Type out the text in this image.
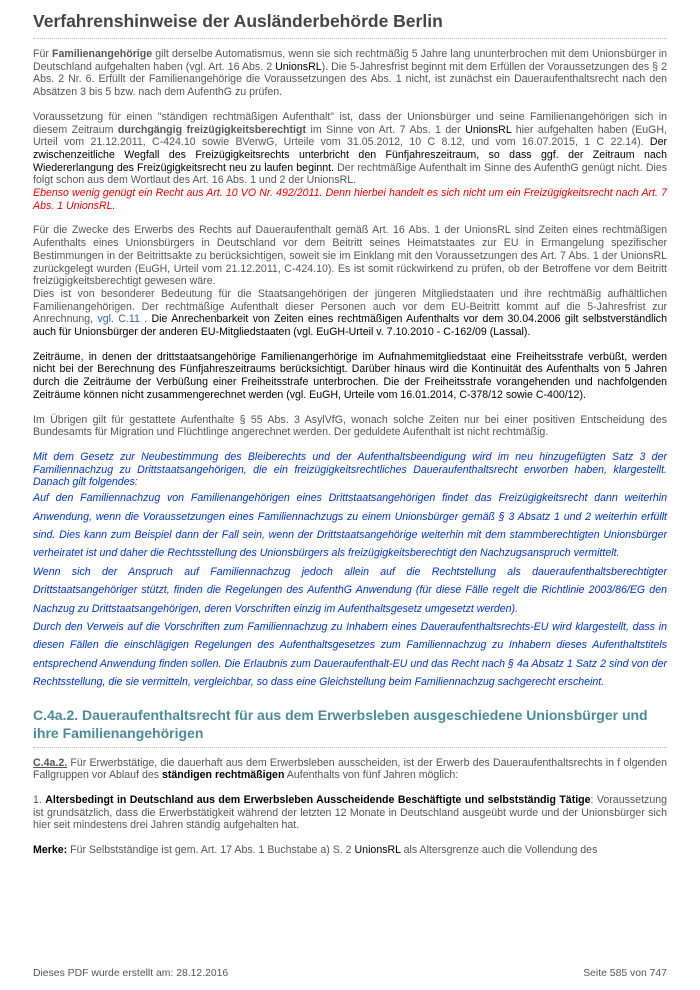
Verfahrenshinweise der Ausländerbehörde Berlin

Für Familienangehörige gilt derselbe Automatismus, wenn sie sich rechtmäßig 5 Jahre lang ununterbrochen mit dem Unionsbürger in Deutschland aufgehalten haben (vgl. Art. 16 Abs. 2 UnionsRL). Die 5-Jahresfrist beginnt mit dem Erfüllen der Voraussetzungen des § 2 Abs. 2 Nr. 6. Erfüllt der Familienangehörige die Voraussetzungen des Abs. 1 nicht, ist zunächst ein Daueraufenthaltsrecht nach den Absätzen 3 bis 5 bzw. nach dem AufenthG zu prüfen.

Voraussetzung für einen "ständigen rechtmäßigen Aufenthalt" ist, dass der Unionsbürger und seine Familienangehörigen sich in diesem Zeitraum durchgängig freizügigkeitsberechtigt im Sinne von Art. 7 Abs. 1 der UnionsRL hier aufgehalten haben (EuGH, Urteil vom 21.12.2011, C-424.10 sowie BVerwG, Urteile vom 31.05.2012, 10 C 8.12, und vom 16.07.2015, 1 C 22.14). Der zwischenzeitliche Wegfall des Freizügigkeitsrechts unterbricht den Fünfjahreszeitraum, so dass ggf. der Zeitraum nach Wiedererlangung des Freizügigkeitsrecht neu zu laufen beginnt. Der rechtmäßige Aufenthalt im Sinne des AufenthG genügt nicht. Dies folgt schon aus dem Wortlaut des Art. 16 Abs. 1 und 2 der UnionsRL.

Ebenso wenig genügt ein Recht aus Art. 10 VO Nr. 492/2011. Denn hierbei handelt es sich nicht um ein Freizügigkeitsrecht nach Art. 7 Abs. 1 UnionsRL.

Für die Zwecke des Erwerbs des Rechts auf Daueraufenthalt gemäß Art. 16 Abs. 1 der UnionsRL sind Zeiten eines rechtmäßigen Aufenthalts eines Unionsbürgers in Deutschland vor dem Beitritt seines Heimatstaates zur EU in Ermangelung spezifischer Bestimmungen in der Beitrittsakte zu berücksichtigen, soweit sie im Einklang mit den Voraussetzungen des Art. 7 Abs. 1 der UnionsRL zurückgelegt wurden (EuGH, Urteil vom 21.12.2011, C-424.10). Es ist somit rückwirkend zu prüfen, ob der Betroffene vor dem Beitritt freizügigkeitsberechtigt gewesen wäre.

Dies ist von besonderer Bedeutung für die Staatsangehörigen der jüngeren Mitgliedstaaten und ihre rechtmäßig aufhältlichen Familienangehörigen. Der rechtmäßige Aufenthalt dieser Personen auch vor dem EU-Beitritt kommt auf die 5-Jahresfrist zur Anrechnung, vgl. C.11 . Die Anrechenbarkeit von Zeiten eines rechtmäßigen Aufenthalts vor dem 30.04.2006 gilt selbstverständlich auch für Unionsbürger der anderen EU-Mitgliedstaaten (vgl. EuGH-Urteil v. 7.10.2010 - C-162/09 (Lassal).

Zeiträume, in denen der drittstaatsangehörige Familienangerhörige im Aufnahmemitgliedstaat eine Freiheitsstrafe verbüßt, werden nicht bei der Berechnung des Fünfjahreszeitraums berücksichtigt. Darüber hinaus wird die Kontinuität des Aufenthalts von 5 Jahren durch die Zeiträume der Verbüßung einer Freiheitsstrafe unterbrochen. Die der Freiheitsstrafe vorangehenden und nachfolgenden Zeiträume können nicht zusammengerechnet werden (vgl. EuGH, Urteile vom 16.01.2014, C-378/12 sowie C-400/12).

Im Übrigen gilt für gestattete Aufenthalte § 55 Abs. 3 AsylVfG, wonach solche Zeiten nur bei einer positiven Entscheidung des Bundesamts für Migration und Flüchtlinge angerechnet werden. Der geduldete Aufenthalt ist nicht rechtmäßig.

Mit dem Gesetz zur Neubestimmung des Bleiberechts und der Aufenthaltsbeendigung wird im neu hinzugefügten Satz 3 der Familiennachzug zu Drittstaatsangehörigen, die ein freizügigkeitsrechtliches Daueraufenthaltsrecht erworben haben, klargestellt. Danach gilt folgendes:

Auf den Familiennachzug von Familienangehörigen eines Drittstaatsangehörigen findet das Freizügigkeitsrecht dann weiterhin Anwendung, wenn die Voraussetzungen eines Familiennachzugs zu einem Unionsbürger gemäß § 3 Absatz 1 und 2 weiterhin erfüllt sind. Dies kann zum Beispiel dann der Fall sein, wenn der Drittstaatsangehörige weiterhin mit dem stammberechtigten Unionsbürger verheiratet ist und daher die Rechtsstellung des Unionsbürgers als freizügigkeitsberechtigt den Nachzugsanspruch vermittelt.

Wenn sich der Anspruch auf Familiennachzug jedoch allein auf die Rechtstellung als daueraufenthaltsberechtigter Drittstaatsangehöriger stützt, finden die Regelungen des AufenthG Anwendung (für diese Fälle regelt die Richtlinie 2003/86/EG den Nachzug zu Drittstaatsangehörigen, deren Vorschriften einzig im Aufenthaltsgesetz umgesetzt werden).

Durch den Verweis auf die Vorschriften zum Familiennachzug zu Inhabern eines Daueraufenthaltsrechts-EU wird klargestellt, dass in diesen Fällen die einschlägigen Regelungen des Aufenthaltsgesetzes zum Familiennachzug zu Inhabern dieses Aufenthaltstitels entsprechend Anwendung finden sollen. Die Erlaubnis zum Daueraufenthalt-EU und das Recht nach § 4a Absatz 1 Satz 2 sind von der Rechtsstellung, die sie vermitteln, vergleichbar, so dass eine Gleichstellung beim Familiennachzug sachgerecht erscheint.

C.4a.2. Daueraufenthaltsrecht für aus dem Erwerbsleben ausgeschiedene Unionsbürger und ihre Familienangehörigen

C.4a.2. Für Erwerbstätige, die dauerhaft aus dem Erwerbsleben ausscheiden, ist der Erwerb des Daueraufenthaltsrechts in f olgenden Fallgruppen vor Ablauf des ständigen rechtmäßigen Aufenthalts von fünf Jahren möglich:

1. Altersbedingt in Deutschland aus dem Erwerbsleben Ausscheidende Beschäftigte und selbstständig Tätige: Voraussetzung ist grundsätzlich, dass die Erwerbstätigkeit während der letzten 12 Monate in Deutschland ausgeübt wurde und der Unionsbürger sich hier seit mindestens drei Jahren ständig aufgehalten hat.

Merke: Für Selbstständige ist gem. Art. 17 Abs. 1 Buchstabe a) S. 2 UnionsRL als Altersgrenze auch die Vollendung des

Dieses PDF wurde erstellt am: 28.12.2016	Seite 585 von 747
